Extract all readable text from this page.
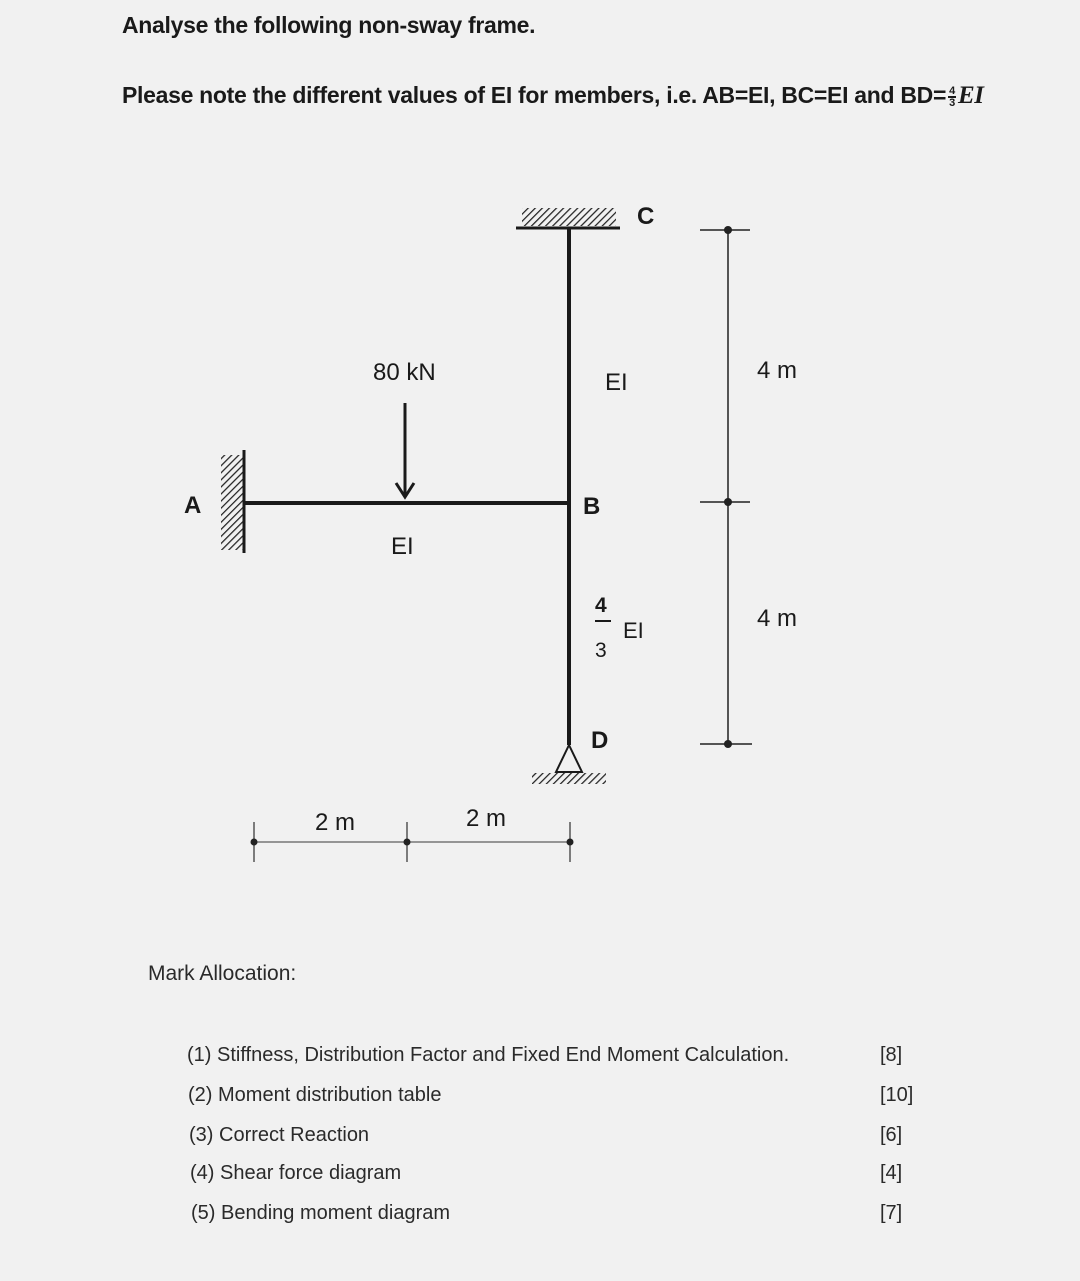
Analyse the following non-sway frame.
Please note the different values of EI for members, i.e. AB=EI, BC=EI and $BD= \frac{4}{3}$ EI
C
A	B
D
80 kN	EI
EI
4
3
EI
4 m
4 m
2 m	2 m
Mark Allocation:
(1) Stiffness, Distribution Factor and Fixed End Moment Calculation.	[8]
(2) Moment distribution table	[10]
(3) Correct Reaction	[6]
(4) Shear force diagram	[4]
(5) Bending moment diagram	[7]
